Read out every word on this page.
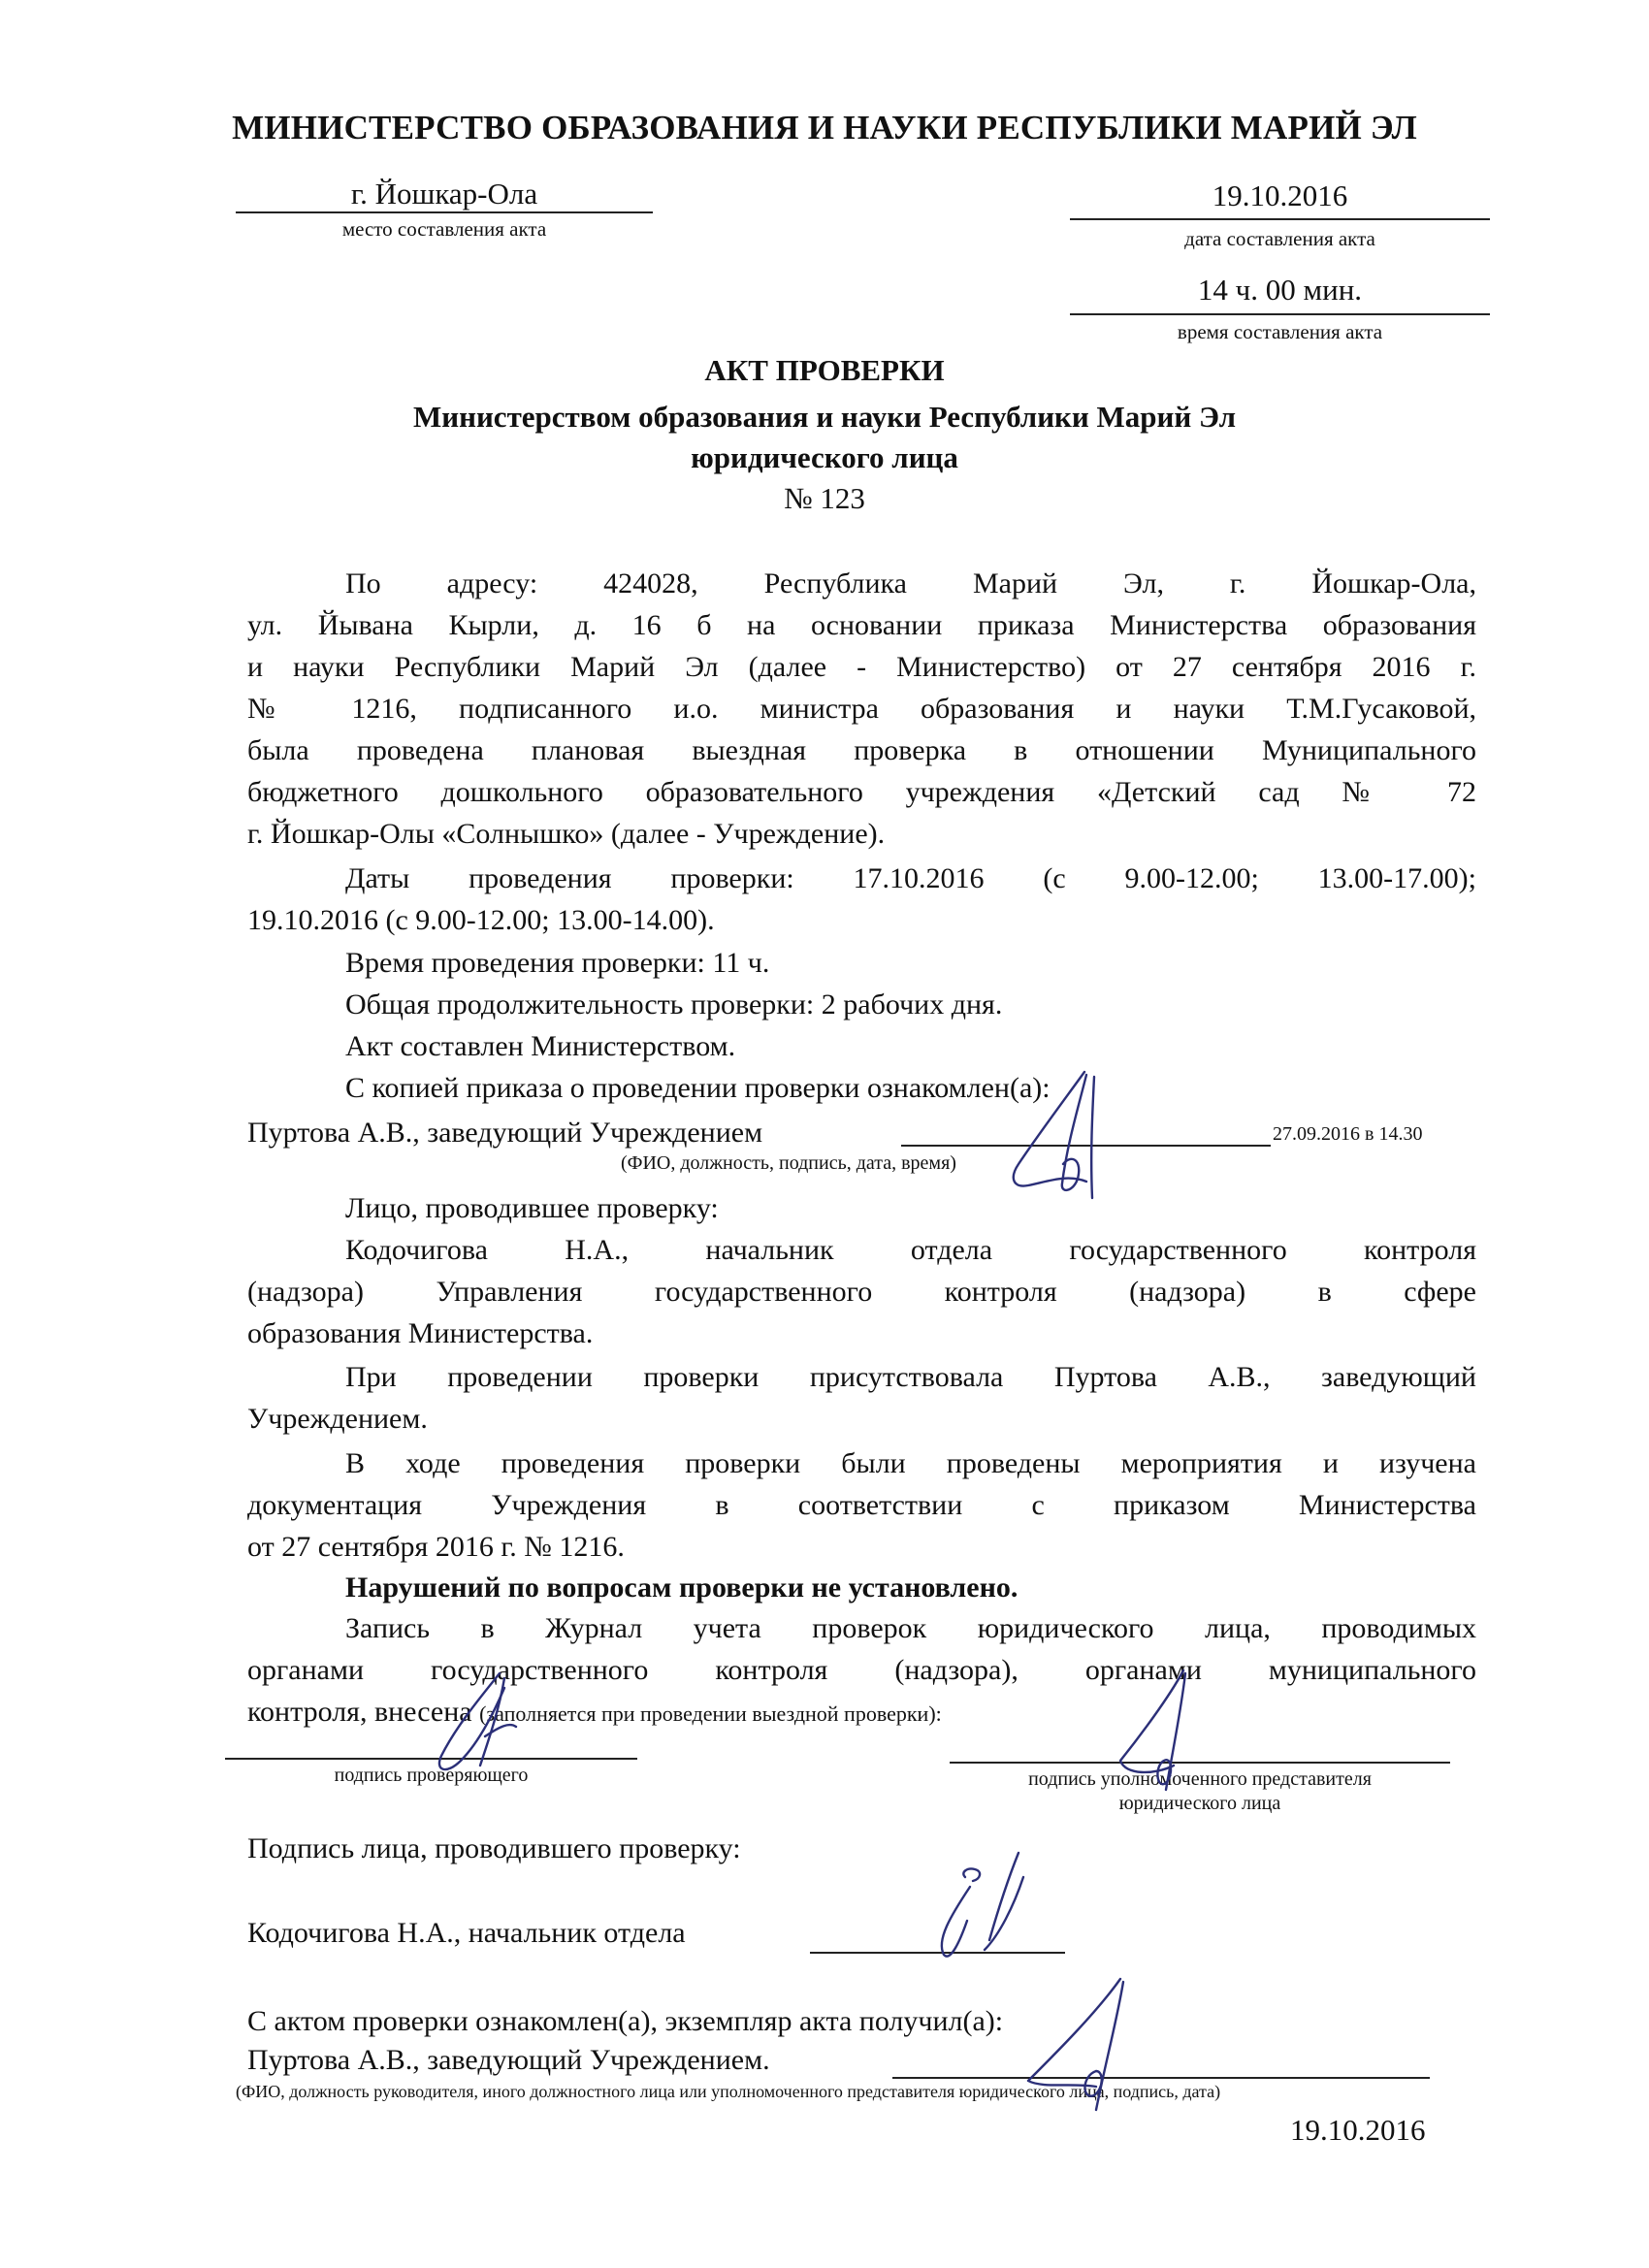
МИНИСТЕРСТВО ОБРАЗОВАНИЯ И НАУКИ РЕСПУБЛИКИ МАРИЙ ЭЛ
г. Йошкар-Ола
место составления акта
19.10.2016
дата составления акта
14 ч. 00 мин.
время составления акта
АКТ ПРОВЕРКИ
Министерством образования и науки Республики Марий Эл
юридического лица
№ 123
По адресу: 424028, Республика Марий Эл, г. Йошкар-Ола,
ул. Йывана Кырли, д. 16 б на основании приказа Министерства образования
и науки Республики Марий Эл (далее - Министерство) от 27 сентября 2016 г.
№ 1216, подписанного и.о. министра образования и науки Т.М.Гусаковой,
была проведена плановая выездная проверка в отношении Муниципального
бюджетного дошкольного образовательного учреждения «Детский сад № 72
г. Йошкар-Олы «Солнышко» (далее - Учреждение).
Даты проведения проверки: 17.10.2016 (с 9.00-12.00; 13.00-17.00);
19.10.2016 (с 9.00-12.00; 13.00-14.00).
Время проведения проверки: 11 ч.
Общая продолжительность проверки: 2 рабочих дня.
Акт составлен Министерством.
С копией приказа о проведении проверки ознакомлен(а):
Пуртова А.В., заведующий Учреждением	27.09.2016 в 14.30
(ФИО, должность, подпись, дата, время)
Лицо, проводившее проверку:
Кодочигова Н.А., начальник отдела государственного контроля
(надзора) Управления государственного контроля (надзора) в сфере
образования Министерства.
При проведении проверки присутствовала Пуртова А.В., заведующий
Учреждением.
В ходе проведения проверки были проведены мероприятия и изучена
документация Учреждения в соответствии с приказом Министерства
от 27 сентября 2016 г. № 1216.
Нарушений по вопросам проверки не установлено.
Запись в Журнал учета проверок юридического лица, проводимых
органами государственного контроля (надзора), органами муниципального
контроля, внесена (заполняется при проведении выездной проверки):
подпись проверяющего	подпись уполномоченного представителя
юридического лица
Подпись лица, проводившего проверку:
Кодочигова Н.А., начальник отдела
С актом проверки ознакомлен(а), экземпляр акта получил(а):
Пуртова А.В., заведующий Учреждением.
(ФИО, должность руководителя, иного должностного лица или уполномоченного представителя юридического лица, подпись, дата)
19.10.2016
